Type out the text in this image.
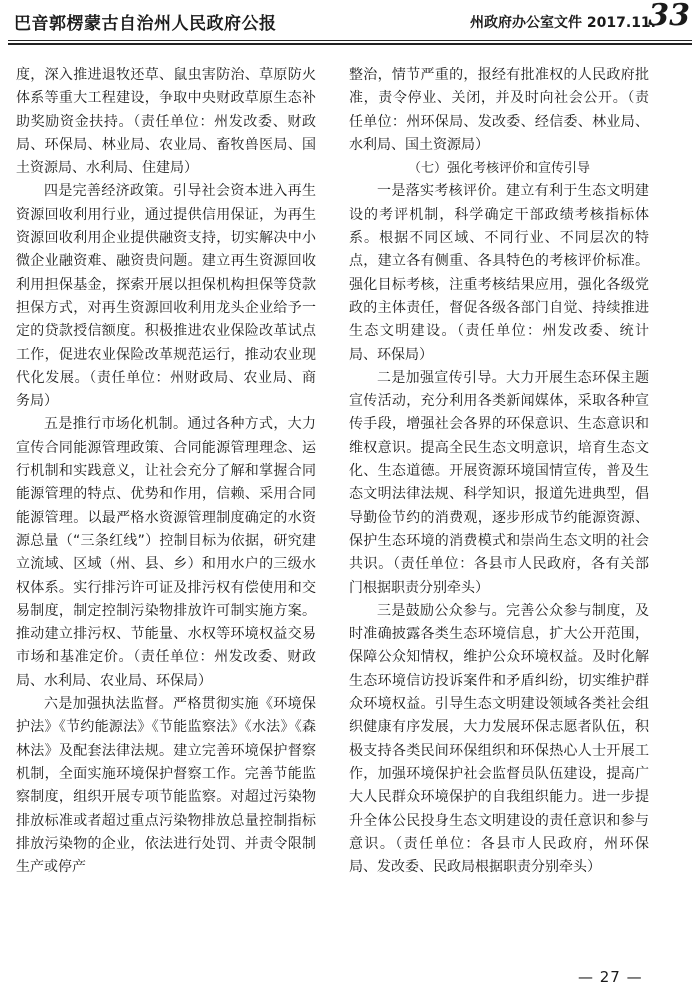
巴音郭楞蒙古自治州人民政府公报	州政府办公室文件 2017.11.
33

度，深入推进退牧还草、鼠虫害防治、草原防火体系等重大工程建设，争取中央财政草原生态补助奖励资金扶持。（责任单位：州发改委、财政局、环保局、林业局、农业局、畜牧兽医局、国土资源局、水利局、住建局）

四是完善经济政策。引导社会资本进入再生资源回收利用行业，通过提供信用保证，为再生资源回收利用企业提供融资支持，切实解决中小微企业融资难、融资贵问题。建立再生资源回收利用担保基金，探索开展以担保机构担保等贷款担保方式，对再生资源回收利用龙头企业给予一定的贷款授信额度。积极推进农业保险改革试点工作，促进农业保险改革规范运行，推动农业现代化发展。（责任单位：州财政局、农业局、商务局）

五是推行市场化机制。通过各种方式，大力宣传合同能源管理政策、合同能源管理理念、运行机制和实践意义，让社会充分了解和掌握合同能源管理的特点、优势和作用，信赖、采用合同能源管理。以最严格水资源管理制度确定的水资源总量（“三条红线”）控制目标为依据，研究建立流域、区域（州、县、乡）和用水户的三级水权体系。实行排污许可证及排污权有偿使用和交易制度，制定控制污染物排放许可制实施方案。推动建立排污权、节能量、水权等环境权益交易市场和基准定价。（责任单位：州发改委、财政局、水利局、农业局、环保局）

六是加强执法监督。严格贯彻实施《环境保护法》《节约能源法》《节能监察法》《水法》《森林法》及配套法律法规。建立完善环境保护督察机制，全面实施环境保护督察工作。完善节能监察制度，组织开展专项节能监察。对超过污染物排放标准或者超过重点污染物排放总量控制指标排放污染物的企业，依法进行处罚、并责令限制生产或停产

整治，情节严重的，报经有批准权的人民政府批准，责令停业、关闭，并及时向社会公开。（责任单位：州环保局、发改委、经信委、林业局、水利局、国土资源局）

（七）强化考核评价和宣传引导

一是落实考核评价。建立有利于生态文明建设的考评机制，科学确定干部政绩考核指标体系。根据不同区域、不同行业、不同层次的特点，建立各有侧重、各具特色的考核评价标准。强化目标考核，注重考核结果应用，强化各级党政的主体责任，督促各级各部门自觉、持续推进生态文明建设。（责任单位：州发改委、统计局、环保局）

二是加强宣传引导。大力开展生态环保主题宣传活动，充分利用各类新闻媒体，采取各种宣传手段，增强社会各界的环保意识、生态意识和维权意识。提高全民生态文明意识，培育生态文化、生态道德。开展资源环境国情宣传，普及生态文明法律法规、科学知识，报道先进典型，倡导勤俭节约的消费观，逐步形成节约能源资源、保护生态环境的消费模式和崇尚生态文明的社会共识。（责任单位：各县市人民政府，各有关部门根据职责分别牵头）

三是鼓励公众参与。完善公众参与制度，及时准确披露各类生态环境信息，扩大公开范围，保障公众知情权，维护公众环境权益。及时化解生态环境信访投诉案件和矛盾纠纷，切实维护群众环境权益。引导生态文明建设领域各类社会组织健康有序发展，大力发展环保志愿者队伍，积极支持各类民间环保组织和环保热心人士开展工作，加强环境保护社会监督员队伍建设，提高广大人民群众环境保护的自我组织能力。进一步提升全体公民投身生态文明建设的责任意识和参与意识。（责任单位：各县市人民政府，州环保局、发改委、民政局根据职责分别牵头）

— 27 —
